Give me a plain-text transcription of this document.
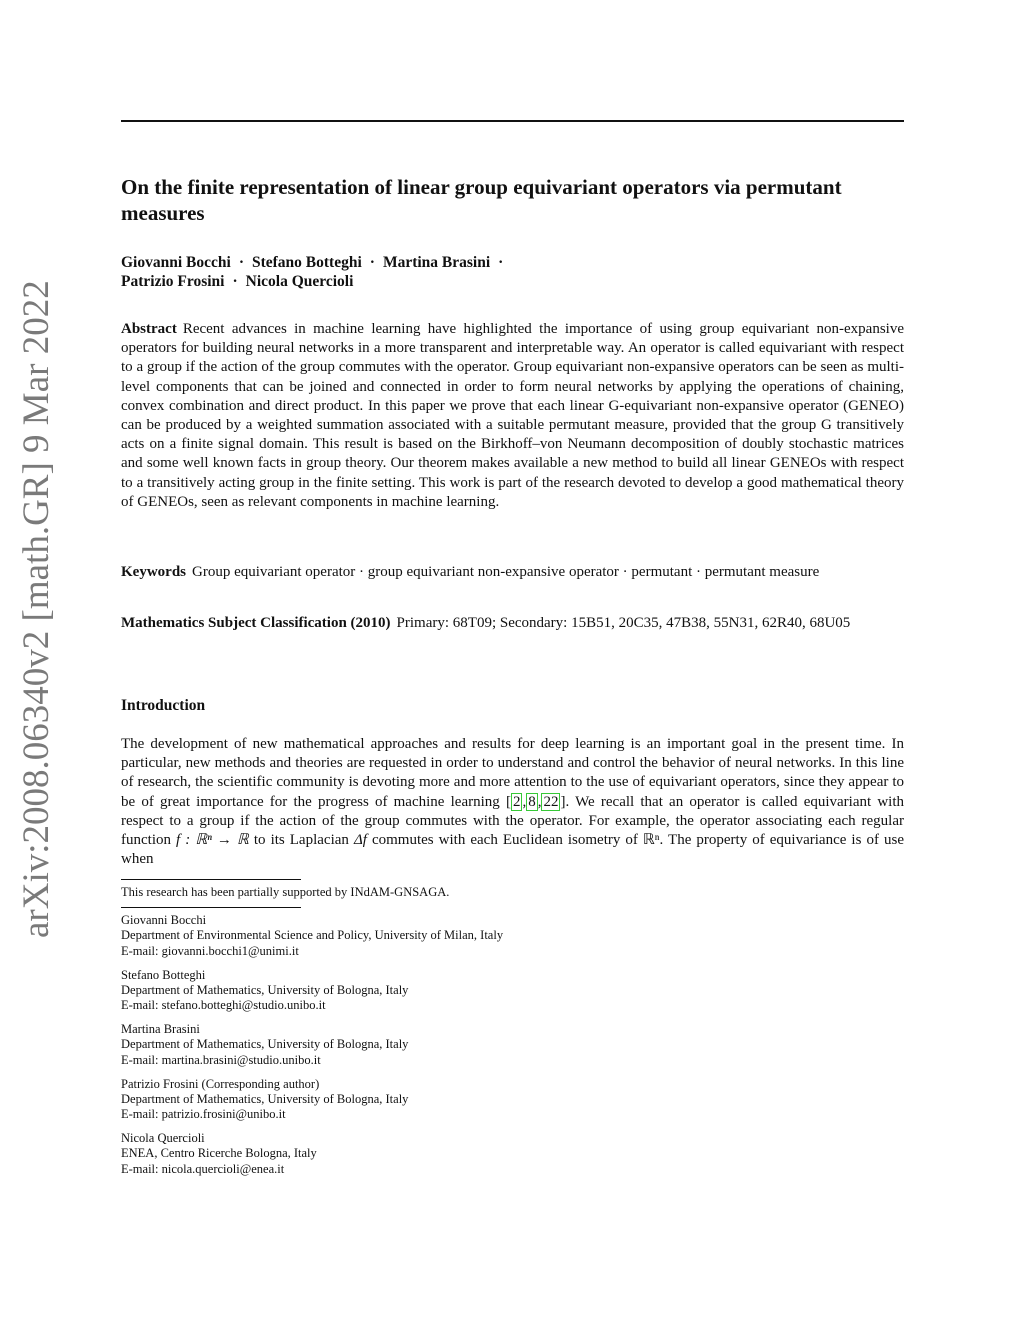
arXiv:2008.06340v2 [math.GR] 9 Mar 2022
On the finite representation of linear group equivariant operators via permutant measures
Giovanni Bocchi · Stefano Botteghi · Martina Brasini ·
Patrizio Frosini · Nicola Quercioli

Abstract Recent advances in machine learning have highlighted the importance of using group equivariant non-expansive operators for building neural networks in a more transparent and interpretable way. An operator is called equivariant with respect to a group if the action of the group commutes with the operator. Group equivariant non-expansive operators can be seen as multi-level components that can be joined and connected in order to form neural networks by applying the operations of chaining, convex combination and direct product. In this paper we prove that each linear G-equivariant non-expansive operator (GENEO) can be produced by a weighted summation associated with a suitable permutant measure, provided that the group G transitively acts on a finite signal domain. This result is based on the Birkhoff–von Neumann decomposition of doubly stochastic matrices and some well known facts in group theory. Our theorem makes available a new method to build all linear GENEOs with respect to a transitively acting group in the finite setting. This work is part of the research devoted to develop a good mathematical theory of GENEOs, seen as relevant components in machine learning.

Keywords Group equivariant operator · group equivariant non-expansive operator · permutant · permutant measure

Mathematics Subject Classification (2010) Primary: 68T09; Secondary: 15B51, 20C35, 47B38, 55N31, 62R40, 68U05

Introduction

The development of new mathematical approaches and results for deep learning is an important goal in the present time. In particular, new methods and theories are requested in order to understand and control the behavior of neural networks. In this line of research, the scientific community is devoting more and more attention to the use of equivariant operators, since they appear to be of great importance for the progress of machine learning [ 2 , 8 , 22 ]. We recall that an operator is called equivariant with respect to a group if the action of the group commutes with the operator. For example, the operator associating each regular function f : ℝⁿ → ℝ to its Laplacian Δf commutes with each Euclidean isometry of ℝⁿ. The property of equivariance is of use when

This research has been partially supported by INdAM-GNSAGA.

Giovanni Bocchi
Department of Environmental Science and Policy, University of Milan, Italy
E-mail: giovanni.bocchi1@unimi.it
Stefano Botteghi
Department of Mathematics, University of Bologna, Italy
E-mail: stefano.botteghi@studio.unibo.it
Martina Brasini
Department of Mathematics, University of Bologna, Italy
E-mail: martina.brasini@studio.unibo.it
Patrizio Frosini (Corresponding author)
Department of Mathematics, University of Bologna, Italy
E-mail: patrizio.frosini@unibo.it
Nicola Quercioli
ENEA, Centro Ricerche Bologna, Italy
E-mail: nicola.quercioli@enea.it
